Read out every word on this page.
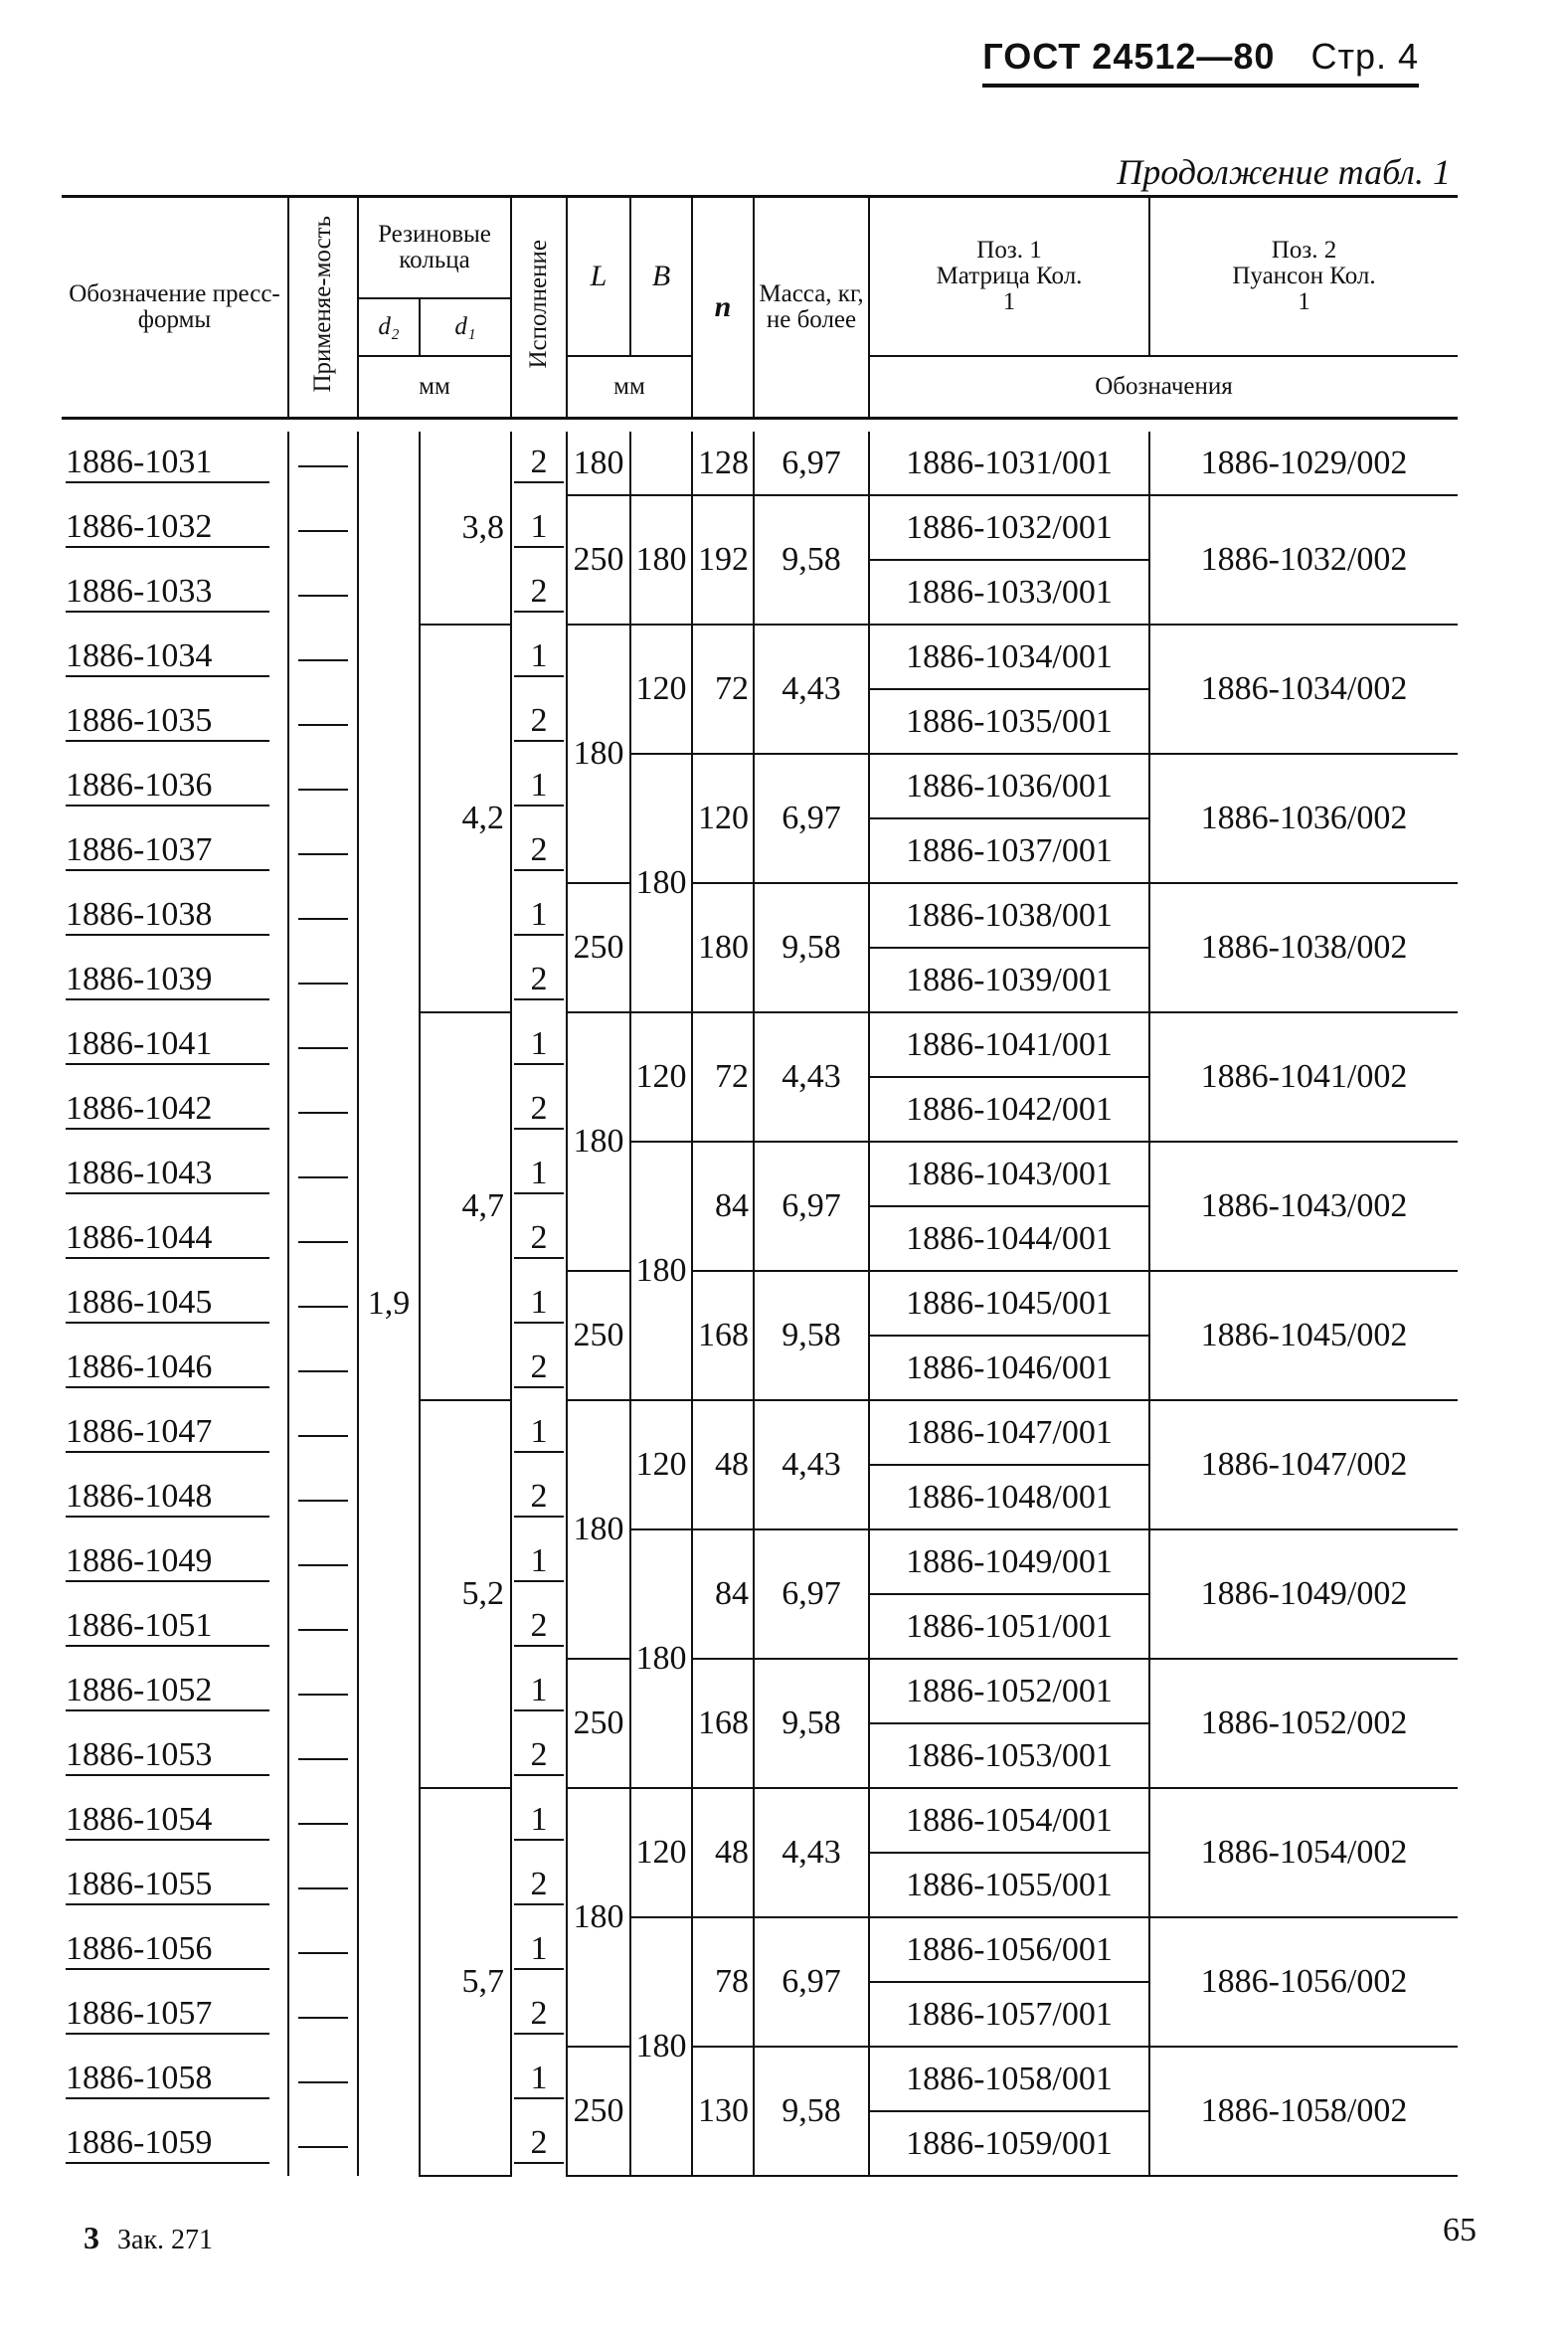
ГОСТ 24512—80 Стр. 4
Продолжение табл. 1
Обозначение пресс-формы	Применяе-мость	Резиновые кольца		Исполнение	L	B	n	Масса, кг, не более	Поз. 1 Матрица Кол. 1	Поз. 2 Пуансон Кол. 1
		d₂	d₁							
		мм			мм				Обозначения	

1886-1031		1,9	3,8	2	180		128	6,97	1886-1031/001	1886-1029/002
1886-1032				1	250	180	192	9,58	1886-1032/001	1886-1032/002
1886-1033				2					1886-1033/001	
1886-1034			4,2	1	180	120	72	4,43	1886-1034/001	1886-1034/002
1886-1035				2					1886-1035/001	
1886-1036				1		180	120	6,97	1886-1036/001	1886-1036/002
1886-1037				2					1886-1037/001	
1886-1038				1	250		180	9,58	1886-1038/001	1886-1038/002
1886-1039				2					1886-1039/001	
1886-1041			4,7	1	180	120	72	4,43	1886-1041/001	1886-1041/002
1886-1042				2					1886-1042/001	
1886-1043				1		180	84	6,97	1886-1043/001	1886-1043/002
1886-1044				2					1886-1044/001	
1886-1045				1	250		168	9,58	1886-1045/001	1886-1045/002
1886-1046				2					1886-1046/001	
1886-1047			5,2	1	180	120	48	4,43	1886-1047/001	1886-1047/002
1886-1048				2					1886-1048/001	
1886-1049				1		180	84	6,97	1886-1049/001	1886-1049/002
1886-1051				2					1886-1051/001	
1886-1052				1	250		168	9,58	1886-1052/001	1886-1052/002
1886-1053				2					1886-1053/001	
1886-1054			5,7	1	180	120	48	4,43	1886-1054/001	1886-1054/002
1886-1055				2					1886-1055/001	
1886-1056				1		180	78	6,97	1886-1056/001	1886-1056/002
1886-1057				2					1886-1057/001	
1886-1058				1	250		130	9,58	1886-1058/001	1886-1058/002
1886-1059				2					1886-1059/001	
3 Зак. 271	65
